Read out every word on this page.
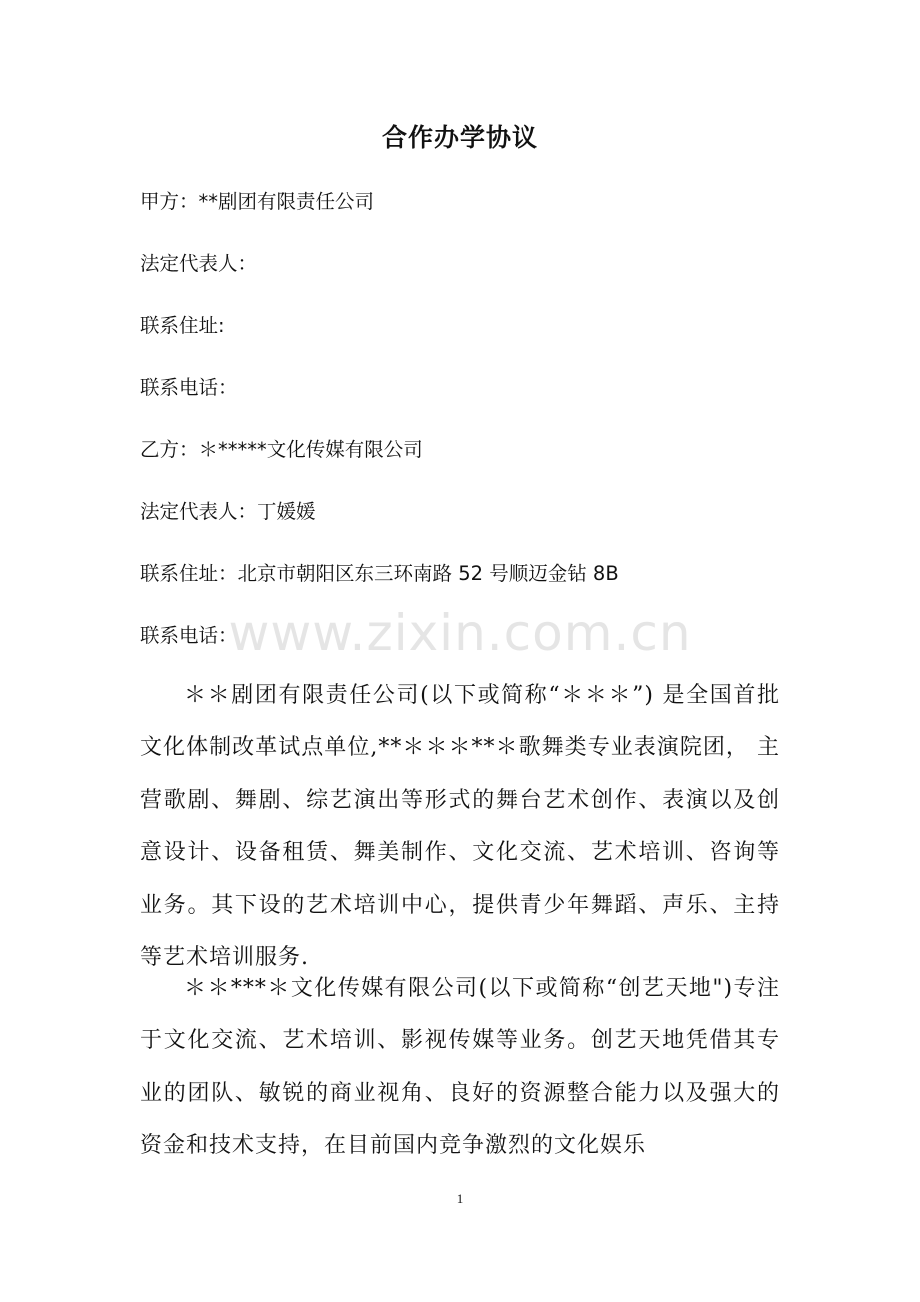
合作办学协议
甲方：**剧团有限责任公司
法定代表人：
联系住址:
联系电话：
乙方：＊*****文化传媒有限公司
法定代表人：丁媛媛
联系住址：北京市朝阳区东三环南路 52 号顺迈金钻 8B
联系电话：
www.zixin.com.cn

＊＊剧团有限责任公司(以下或简称“＊＊＊”) 是全国首批文化体制改革试点单位,**＊＊＊**＊歌舞类专业表演院团， 主营歌剧、舞剧、综艺演出等形式的舞台艺术创作、表演以及创意设计、设备租赁、舞美制作、文化交流、艺术培训、咨询等业务。其下设的艺术培训中心，提供青少年舞蹈、声乐、主持等艺术培训服务.

＊＊***＊文化传媒有限公司(以下或简称“创艺天地")专注于文化交流、艺术培训、影视传媒等业务。创艺天地凭借其专业的团队、敏锐的商业视角、良好的资源整合能力以及强大的资金和技术支持，在目前国内竞争激烈的文化娱乐

1
